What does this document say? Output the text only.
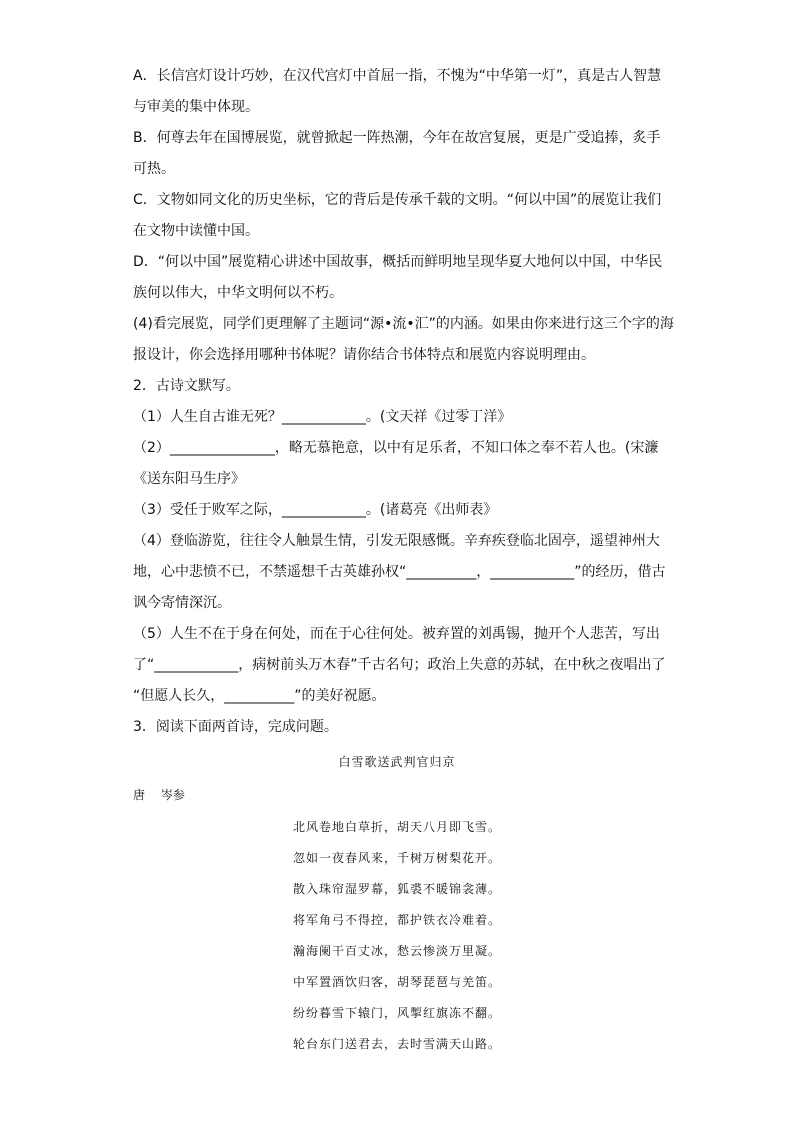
A．长信宫灯设计巧妙，在汉代宫灯中首屈一指，不愧为“中华第一灯”，真是古人智慧
与审美的集中体现。
B．何尊去年在国博展览，就曾掀起一阵热潮，今年在故宫复展，更是广受追捧，炙手
可热。
C．文物如同文化的历史坐标，它的背后是传承千载的文明。“何以中国”的展览让我们
在文物中读懂中国。
D．“何以中国”展览精心讲述中国故事，概括而鲜明地呈现华夏大地何以中国，中华民
族何以伟大，中华文明何以不朽。
(4)看完展览，同学们更理解了主题词“源•流•汇”的内涵。如果由你来进行这三个字的海
报设计，你会选择用哪种书体呢？请你结合书体特点和展览内容说明理由。
2．古诗文默写。
（1）人生自古谁无死？____________。(文天祥《过零丁洋》
（2）_______________，略无慕艳意，以中有足乐者，不知口体之奉不若人也。(宋濂
《送东阳马生序》
（3）受任于败军之际，____________。(诸葛亮《出师表》
（4）登临游览，往往令人触景生情，引发无限感慨。辛弃疾登临北固亭，遥望神州大
地，心中悲愤不已，不禁遥想千古英雄孙权“__________，____________”的经历，借古
讽今寄情深沉。
（5）人生不在于身在何处，而在于心往何处。被弃置的刘禹锡，抛开个人悲苦，写出
了“____________，病树前头万木春”千古名句；政治上失意的苏轼，在中秋之夜唱出了
“但愿人长久，__________”的美好祝愿。
3．阅读下面两首诗，完成问题。
白雪歌送武判官归京
唐　 岑参
北风卷地白草折，胡天八月即飞雪。
忽如一夜春风来，千树万树梨花开。
散入珠帘湿罗幕，狐裘不暖锦衾薄。
将军角弓不得控，都护铁衣冷难着。
瀚海阑干百丈冰，愁云惨淡万里凝。
中军置酒饮归客，胡琴琵琶与羌笛。
纷纷暮雪下辕门，风掣红旗冻不翻。
轮台东门送君去，去时雪满天山路。
